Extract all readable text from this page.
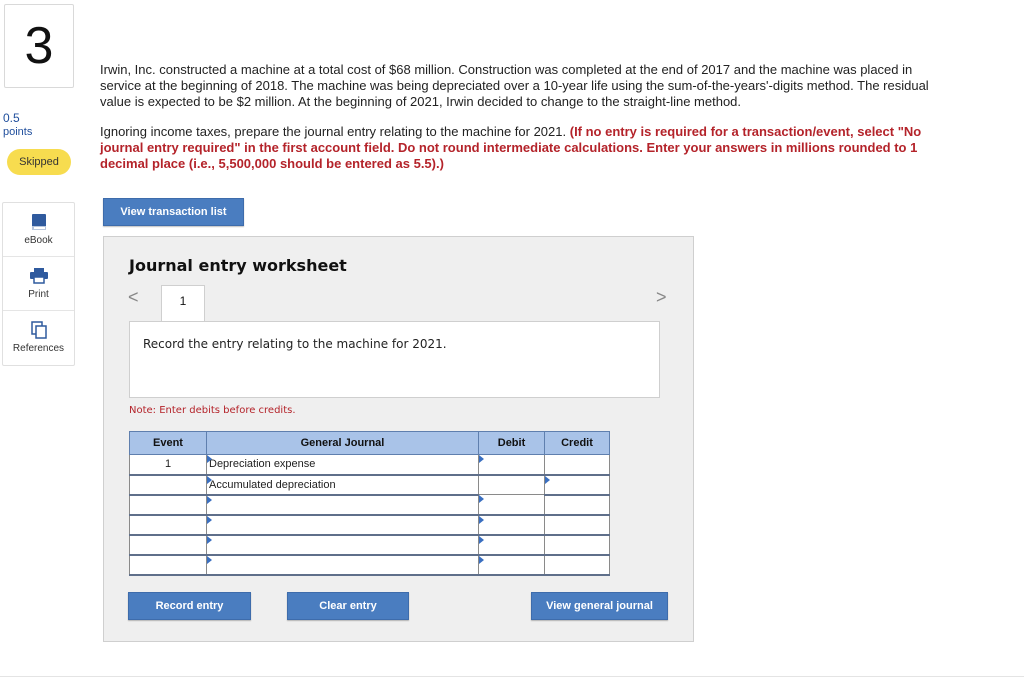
3
0.5
points
Skipped
eBook
Print
References
Irwin, Inc. constructed a machine at a total cost of $68 million. Construction was completed at the end of 2017 and the machine was placed in service at the beginning of 2018. The machine was being depreciated over a 10-year life using the sum-of-the-years'-digits method. The residual value is expected to be $2 million. At the beginning of 2021, Irwin decided to change to the straight-line method.
Ignoring income taxes, prepare the journal entry relating to the machine for 2021. (If no entry is required for a transaction/event, select "No journal entry required" in the first account field. Do not round intermediate calculations. Enter your answers in millions rounded to 1 decimal place (i.e., 5,500,000 should be entered as 5.5).)
View transaction list
Journal entry worksheet
<	1	>
Record the entry relating to the machine for 2021.
Note: Enter debits before credits.
Event	General Journal	Debit	Credit
1	Depreciation expense	

Accumulated depreciation		

Record entry	Clear entry	View general journal
